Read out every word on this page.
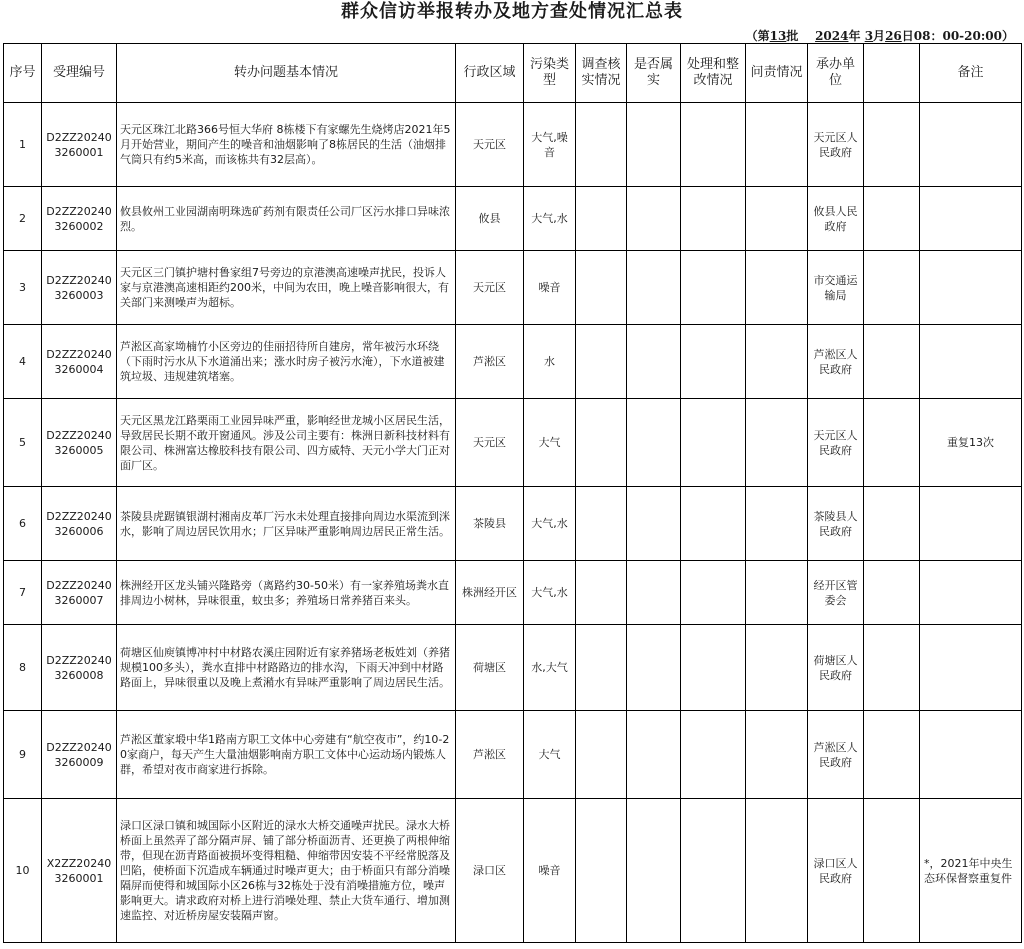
群众信访举报转办及地方查处情况汇总表
（第13批 2024年 3月26日08：00-20:00）
序号	受理编号	转办问题基本情况	行政区域	污染类型	调查核实情况	是否属实	处理和整改情况	问责情况	承办单位		备注
1	D2ZZ202403260001	天元区珠江北路366号恒大华府 8栋楼下有家螺先生烧烤店2021年5月开始营业，期间产生的噪音和油烟影响了8栋居民的生活（油烟排气筒只有约5米高，而该栋共有32层高）。	天元区	大气,噪音					天元区人民政府		
2	D2ZZ202403260002	攸县攸州工业园湖南明珠选矿药剂有限责任公司厂区污水排口异味浓烈。	攸县	大气,水					攸县人民政府		
3	D2ZZ202403260003	天元区三门镇护塘村鲁家组7号旁边的京港澳高速噪声扰民，投诉人家与京港澳高速相距约200米，中间为农田，晚上噪音影响很大，有关部门来测噪声为超标。	天元区	噪音					市交通运输局		
4	D2ZZ202403260004	芦淞区高家坳楠竹小区旁边的佳丽招待所自建房，常年被污水环绕（下雨时污水从下水道涌出来；涨水时房子被污水淹），下水道被建筑垃圾、违规建筑堵塞。	芦淞区	水					芦淞区人民政府		
5	D2ZZ202403260005	天元区黑龙江路栗雨工业园异味严重，影响经世龙城小区居民生活，导致居民长期不敢开窗通风。涉及公司主要有：株洲日新科技材料有限公司、株洲富达橡胶科技有限公司、四方威特、天元小学大门正对面厂区。	天元区	大气					天元区人民政府		重复13次
6	D2ZZ202403260006	茶陵县虎踞镇银湖村湘南皮革厂污水未处理直接排向周边水渠流到洣水，影响了周边居民饮用水；厂区异味严重影响周边居民正常生活。	茶陵县	大气,水					茶陵县人民政府		
7	D2ZZ202403260007	株洲经开区龙头铺兴隆路旁（离路约30-50米）有一家养殖场粪水直排周边小树林，异味很重，蚊虫多；养殖场日常养猪百来头。	株洲经开区	大气,水					经开区管委会		
8	D2ZZ202403260008	荷塘区仙庾镇博冲村中材路农溪庄园附近有家养猪场老板姓刘（养猪规模100多头），粪水直排中材路路边的排水沟，下雨天冲到中材路路面上，异味很重以及晚上煮潲水有异味严重影响了周边居民生活。	荷塘区	水,大气					荷塘区人民政府		
9	D2ZZ202403260009	芦淞区董家塅中华1路南方职工文体中心旁建有“航空夜市”，约10-20家商户，每天产生大量油烟影响南方职工文体中心运动场内锻炼人群，希望对夜市商家进行拆除。	芦淞区	大气					芦淞区人民政府		
10	X2ZZ202403260001	渌口区渌口镇和城国际小区附近的渌水大桥交通噪声扰民。渌水大桥桥面上虽然弄了部分隔声屏、铺了部分桥面沥青、还更换了两根伸缩带，但现在沥青路面被损坏变得粗糙、伸缩带因安装不平经常脱落及凹陷，使桥面下沉造成车辆通过时噪声更大；由于桥面只有部分消噪隔屏而使得和城国际小区26栋与32栋处于没有消噪措施方位，噪声影响更大。请求政府对桥上进行消噪处理、禁止大货车通行、增加测速监控、对近桥房屋安装隔声窗。	渌口区	噪音					渌口区人民政府		*，2021年中央生态环保督察重复件
